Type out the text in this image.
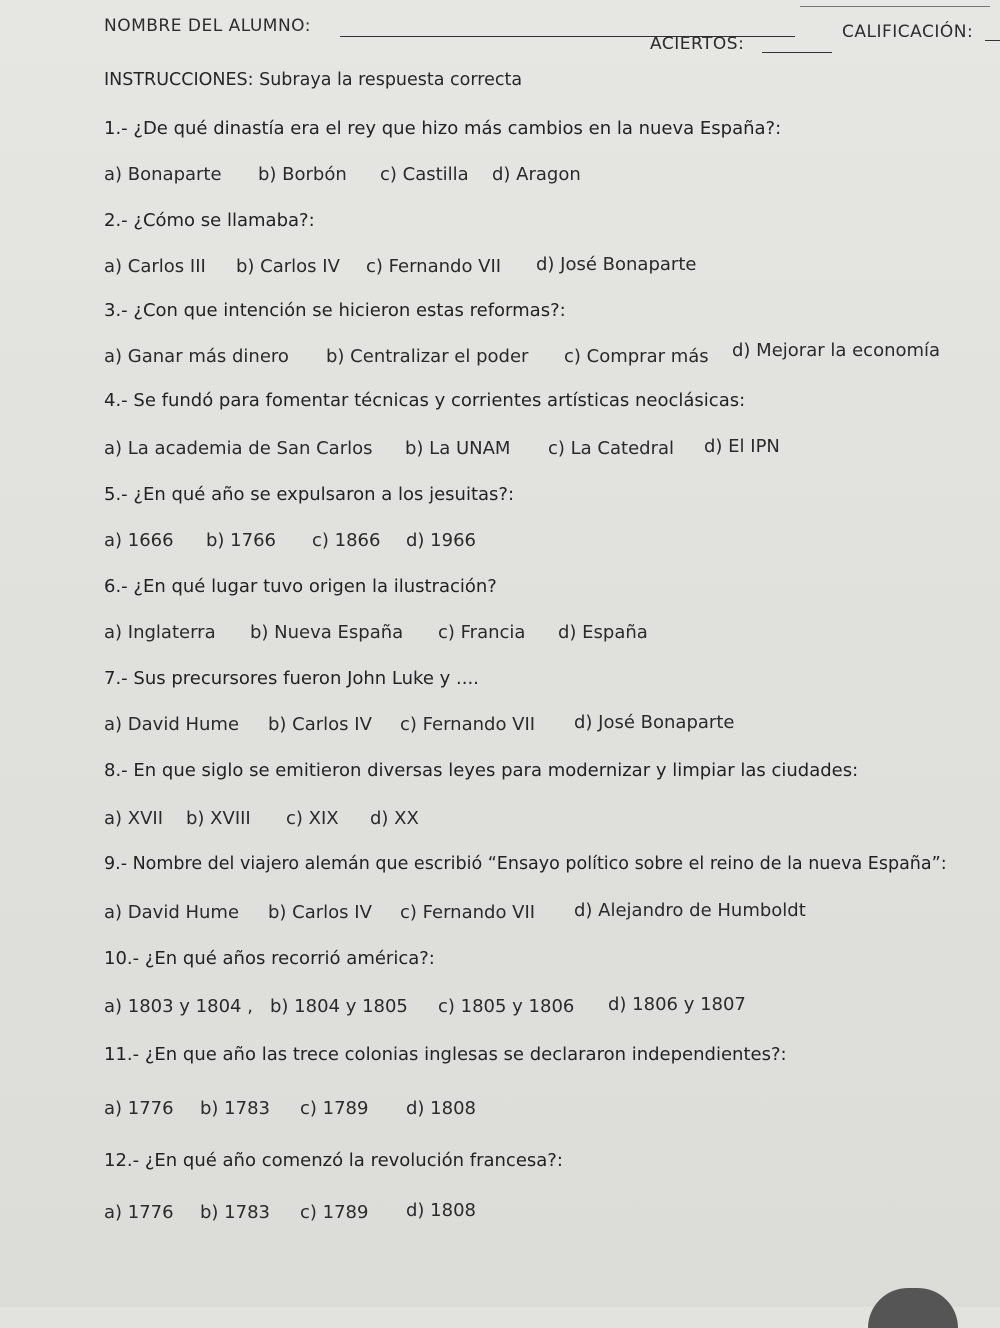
NOMBRE DEL ALUMNO:
ACIERTOS:
CALIFICACIÓN:
INSTRUCCIONES: Subraya la respuesta correcta
1.- ¿De qué dinastía era el rey que hizo más cambios en la nueva España?:
a) Bonaparte b) Borbón c) Castilla d) Aragon
2.- ¿Cómo se llamaba?:
a) Carlos III b) Carlos IV c) Fernando VII d) José Bonaparte
3.- ¿Con que intención se hicieron estas reformas?:
a) Ganar más dinero b) Centralizar el poder c) Comprar más d) Mejorar la economía
4.- Se fundó para fomentar técnicas y corrientes artísticas neoclásicas:
a) La academia de San Carlos b) La UNAM c) La Catedral d) El IPN
5.- ¿En qué año se expulsaron a los jesuitas?:
a) 1666 b) 1766 c) 1866 d) 1966
6.- ¿En qué lugar tuvo origen la ilustración?
a) Inglaterra b) Nueva España c) Francia d) España
7.- Sus precursores fueron John Luke y ....
a) David Hume b) Carlos IV c) Fernando VII d) José Bonaparte
8.- En que siglo se emitieron diversas leyes para modernizar y limpiar las ciudades:
a) XVII b) XVIII c) XIX d) XX
9.- Nombre del viajero alemán que escribió “Ensayo político sobre el reino de la nueva España”:
a) David Hume b) Carlos IV c) Fernando VII d) Alejandro de Humboldt
10.- ¿En qué años recorrió américa?:
a) 1803 y 1804 , b) 1804 y 1805 c) 1805 y 1806 d) 1806 y 1807
11.- ¿En que año las trece colonias inglesas se declararon independientes?:
a) 1776 b) 1783 c) 1789 d) 1808
12.- ¿En qué año comenzó la revolución francesa?:
a) 1776 b) 1783 c) 1789 d) 1808
